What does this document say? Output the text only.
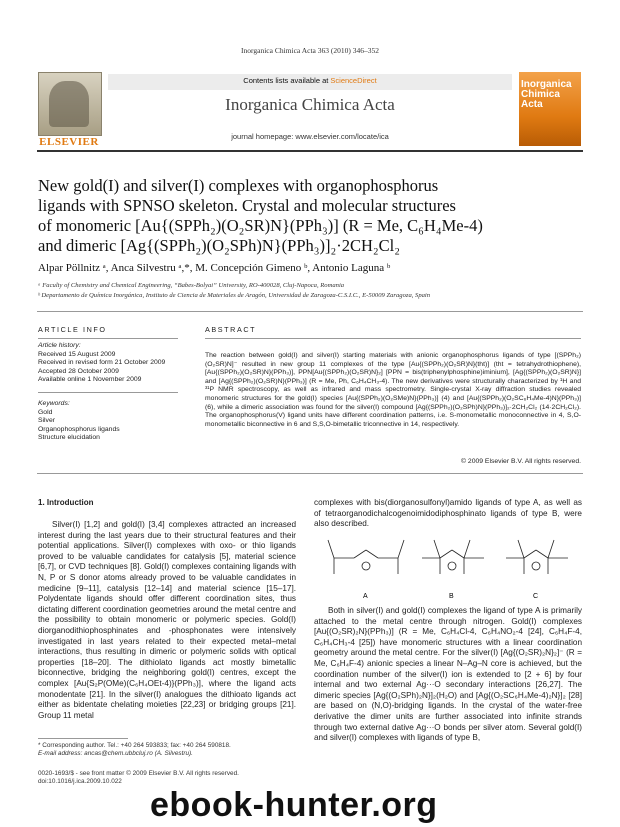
Inorganica Chimica Acta 363 (2010) 346–352
ELSEVIER
Contents lists available at ScienceDirect
Inorganica Chimica Acta
journal homepage: www.elsevier.com/locate/ica
Inorganica Chimica Acta
New gold(I) and silver(I) complexes with organophosphorus
ligands with SPNSO skeleton. Crystal and molecular structures
of monomeric [Au{(SPPh₂)(O₂SR)N}(PPh₃)] (R = Me, C₆H₄Me-4)
and dimeric [Ag{(SPPh₂)(O₂SPh)N}(PPh₃)]₂·2CH₂Cl₂
Alpar Pöllnitz ᵃ, Anca Silvestru ᵃ,*, M. Concepción Gimeno ᵇ, Antonio Laguna ᵇ
ᵃ Faculty of Chemistry and Chemical Engineering, “Babes-Bolyai” University, RO-400028, Cluj-Napoca, Romania
ᵇ Departamento de Química Inorgánica, Instituto de Ciencia de Materiales de Aragón, Universidad de Zaragoza-C.S.I.C., E-50009 Zaragoza, Spain
ARTICLE INFO
Article history:
Received 15 August 2009
Received in revised form 21 October 2009
Accepted 28 October 2009
Available online 1 November 2009
Keywords:
Gold
Silver
Organophosphorus ligands
Structure elucidation
ABSTRACT
The reaction between gold(I) and silver(I) starting materials with anionic organophosphorus ligands of type [(SPPh₂)(O₂SR)N]⁻ resulted in new group 11 complexes of the type [Au{(SPPh₂)(O₂SR)N}(tht)] (tht = tetrahydrothiophene), [Au{(SPPh₂)(O₂SR)N}(PPh₃)], PPN[Au{(SPPh₂)(O₂SR)N}₂] [PPN = bis(triphenylphosphine)iminium], [Ag{(SPPh₂)(O₂SR)N}] and [Ag{(SPPh₂)(O₂SR)N}(PPh₃)] (R = Me, Ph, C₆H₄CH₃-4). The new derivatives were structurally characterized by ¹H and ³¹P NMR spectroscopy, as well as infrared and mass spectrometry. Single-crystal X-ray diffraction studies revealed monomeric structures for the gold(I) species [Au{(SPPh₂)(O₂SMe)N}(PPh₃)] (4) and [Au{(SPPh₂)(O₂SC₆H₄Me-4)N}(PPh₃)] (6), while a dimeric association was found for the silver(I) compound [Ag{(SPPh₂)(O₂SPh)N}(PPh₃)]₂·2CH₂Cl₂ (14·2CH₂Cl₂). The organophosphorus(V) ligand units have different coordination patterns, i.e. S-monometallic monoconnective in 4, S,O-monometallic biconnective in 6 and S,S,O-bimetallic triconnective in 14, respectively.
© 2009 Elsevier B.V. All rights reserved.
1. Introduction
Silver(I) [1,2] and gold(I) [3,4] complexes attracted an increased interest during the last years due to their structural features and their potential applications. Silver(I) complexes with oxo- or thio ligands proved to be valuable candidates for catalysis [5], material science [6,7], or CVD techniques [8]. Gold(I) complexes containing ligands with N, P or S donor atoms already proved to be valuable candidates in medicine [9–11], catalysis [12–14] and material science [15–17]. Polydentate ligands should offer different coordination sites, thus dictating different coordination geometries around the metal centre and the possibility to obtain monomeric or polymeric species. Gold(I) diorganodithiophosphinates and -phosphonates were intensively investigated in last years related to their expected metal–metal interactions, thus resulting in dimeric or polymeric solids with optical properties [18–20]. The dithiolato ligands act mostly bimetallic biconnective, bridging the neighboring gold(I) centres, except the complex [Au{S₂P(OMe)(C₆H₄OEt-4)}(PPh₃)], where the ligand acts monodentate [21]. In the silver(I) analogues the dithioato ligands act either as bidentate chelating moieties [22,23] or bridging groups [21]. Group 11 metal
complexes with bis(diorganosulfonyl)amido ligands of type A, as well as of tetraorganodichalcogenoimidodiphosphinato ligands of type B, were also described.
A	B	C
Both in silver(I) and gold(I) complexes the ligand of type A is primarily attached to the metal centre through nitrogen. Gold(I) complexes [Au{(O₂SR)₂N}(PPh₃)] (R = Me, C₆H₄Cl-4, C₆H₄NO₂-4 [24], C₆H₄F-4, C₆H₄CH₃-4 [25]) have monomeric structures with a linear coordination geometry around the metal centre. For the silver(I) [Ag{(O₂SR)₂N}₂]⁻ (R = Me, C₆H₄F-4) anionic species a linear N–Ag–N core is achieved, but the coordination number of the silver(I) ion is extended to [2 + 6] by four internal and two external Ag···O secondary interactions [26,27]. The dimeric species [Ag{(O₂SPh)₂N}]₂(H₂O) and [Ag{(O₂SC₆H₄Me-4)₂N}]₂ [28] are based on (N,O)-bridging ligands. In the crystal of the water-free derivative the dimer units are further associated into infinite strands through two external dative Ag···O bonds per silver atom. Several gold(I) and silver(I) complexes with ligands of type B,
* Corresponding author. Tel.: +40 264 593833; fax: +40 264 590818.
E-mail address: ancas@chem.ubbcluj.ro (A. Silvestru).
0020-1693/$ - see front matter © 2009 Elsevier B.V. All rights reserved.
doi:10.1016/j.ica.2009.10.022
ebook-hunter.org
